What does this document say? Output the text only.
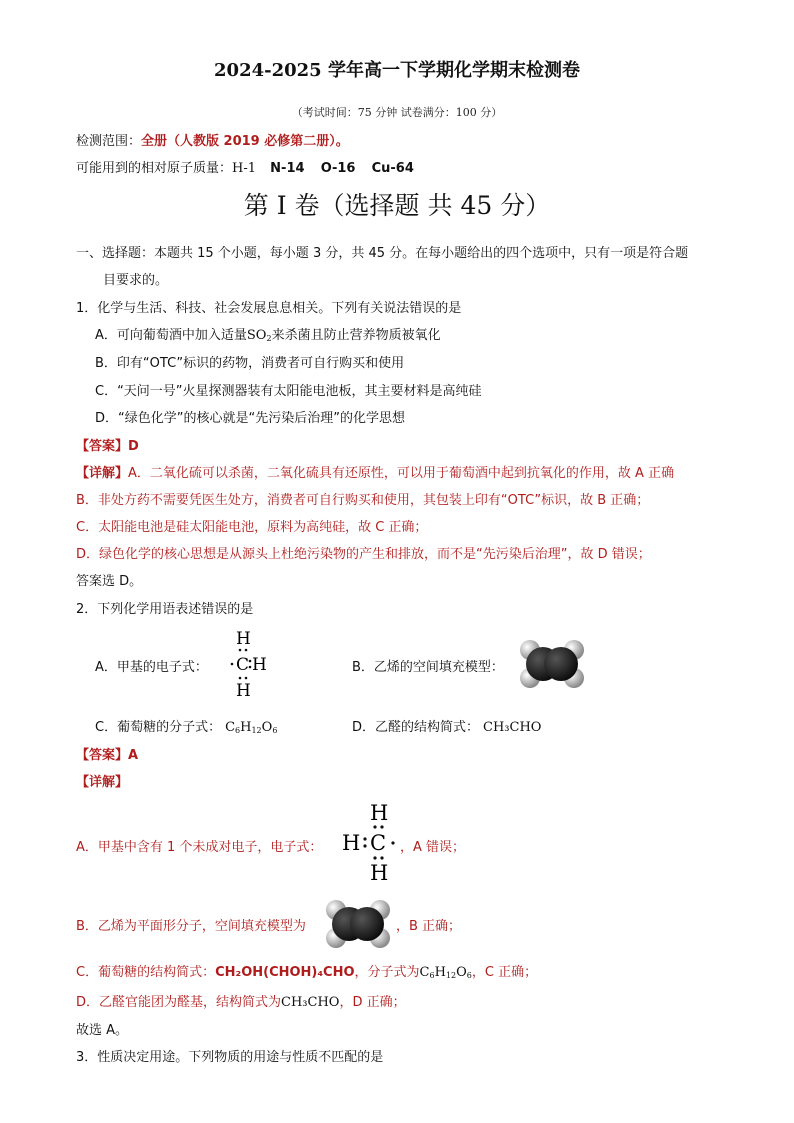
2024-2025 学年高一下学期化学期末检测卷
（考试时间：75 分钟 试卷满分：100 分）
检测范围：全册（人教版 2019 必修第二册）。
可能用到的相对原子质量：H-1 N-14 O-16 Cu-64
第 I 卷（选择题 共 45 分）
一、选择题：本题共 15 个小题，每小题 3 分，共 45 分。在每小题给出的四个选项中，只有一项是符合题
目要求的。
1．化学与生活、科技、社会发展息息相关。下列有关说法错误的是
A．可向葡萄酒中加入适量$SO_2$来杀菌且防止营养物质被氧化
B．印有“OTC”标识的药物，消费者可自行购买和使用
C．“天问一号”火星探测器装有太阳能电池板，其主要材料是高纯硅
D．“绿色化学”的核心就是“先污染后治理”的化学思想
【答案】D
【详解】A．二氧化硫可以杀菌，二氧化硫具有还原性，可以用于葡萄酒中起到抗氧化的作用，故 A 正确
B．非处方药不需要凭医生处方，消费者可自行购买和使用，其包装上印有“OTC”标识，故 B 正确；
C．太阳能电池是硅太阳能电池，原料为高纯硅，故 C 正确；
D．绿色化学的核心思想是从源头上杜绝污染物的产生和排放，而不是“先污染后治理”，故 D 错误；
答案选 D。
2．下列化学用语表述错误的是
A．甲基的电子式：
H
C H
H
B．乙烯的空间填充模型：
C．葡萄糖的分子式： $C_6H_{12}O_6$	D．乙醛的结构简式： CH₃CHO
【答案】A
【详解】
A．甲基中含有 1 个未成对电子，电子式：
H
H C
H
，A 错误；
B．乙烯为平面形分子，空间填充模型为	，B 正确；
C．葡萄糖的结构简式：CH₂OH(CHOH)₄CHO，分子式为$C_6H_{12}O_6$，C 正确；
D．乙醛官能团为醛基，结构简式为CH₃CHO，D 正确；
故选 A。
3．性质决定用途。下列物质的用途与性质不匹配的是
